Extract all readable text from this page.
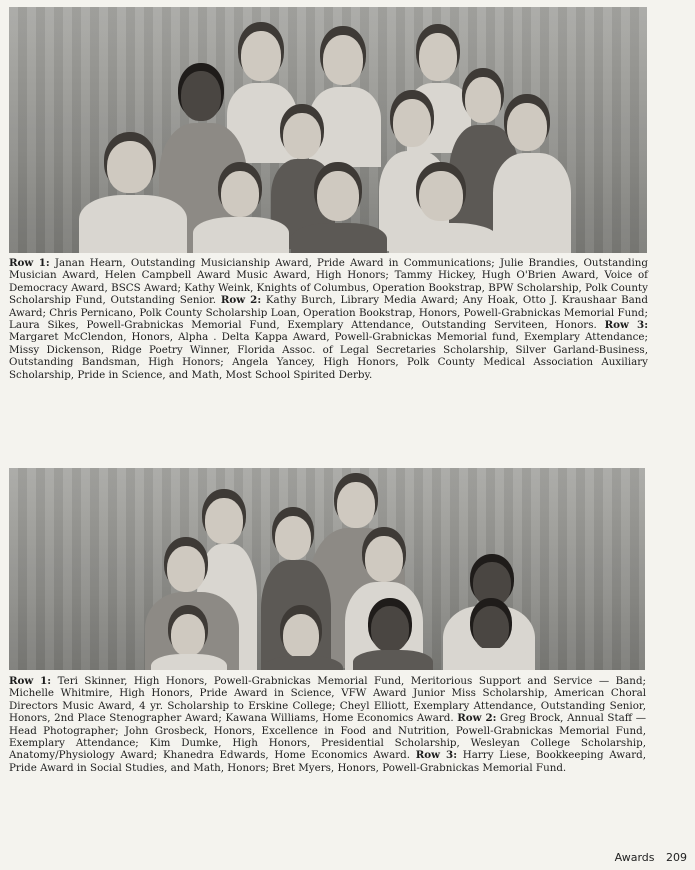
Row 1: Janan Hearn, Outstanding Musicianship Award, Pride Award in Communications; Julie Brandies, Outstanding Musician Award, Helen Campbell Award Music Award, High Honors; Tammy Hickey, Hugh O'Brien Award, Voice of Democracy Award, BSCS Award; Kathy Weink, Knights of Columbus, Operation Bookstrap, BPW Scholarship, Polk County Scholarship Fund, Outstanding Senior. Row 2: Kathy Burch, Library Media Award; Any Hoak, Otto J. Kraushaar Band Award; Chris Pernicano, Polk County Scholarship Loan, Operation Bookstrap, Honors, Powell-Grabnickas Memorial Fund; Laura Sikes, Powell-Grabnickas Memorial Fund, Exemplary Attendance, Outstanding Serviteen, Honors. Row 3: Margaret McClendon, Honors, Alpha . Delta Kappa Award, Powell-Grabnickas Memorial fund, Exemplary Attendance; Missy Dickenson, Ridge Poetry Winner, Florida Assoc. of Legal Secretaries Scholarship, Silver Garland-Business, Outstanding Bandsman, High Honors; Angela Yancey, High Honors, Polk County Medical Association Auxiliary Scholarship, Pride in Science, and Math, Most School Spirited Derby.

Row 1: Teri Skinner, High Honors, Powell-Grabnickas Memorial Fund, Meritorious Support and Service — Band; Michelle Whitmire, High Honors, Pride Award in Science, VFW Award Junior Miss Scholarship, American Choral Directors Music Award, 4 yr. Scholarship to Erskine College; Cheyl Elliott, Exemplary Attendance, Outstanding Senior, Honors, 2nd Place Stenographer Award; Kawana Williams, Home Economics Award. Row 2: Greg Brock, Annual Staff — Head Photographer; John Grosbeck, Honors, Excellence in Food and Nutrition, Powell-Grabnickas Memorial Fund, Exemplary Attendance; Kim Dumke, High Honors, Presidential Scholarship, Wesleyan College Scholarship, Anatomy/Physiology Award; Khanedra Edwards, Home Economics Award. Row 3: Harry Liese, Bookkeeping Award, Pride Award in Social Studies, and Math, Honors; Bret Myers, Honors, Powell-Grabnickas Memorial Fund.

Awards 209
